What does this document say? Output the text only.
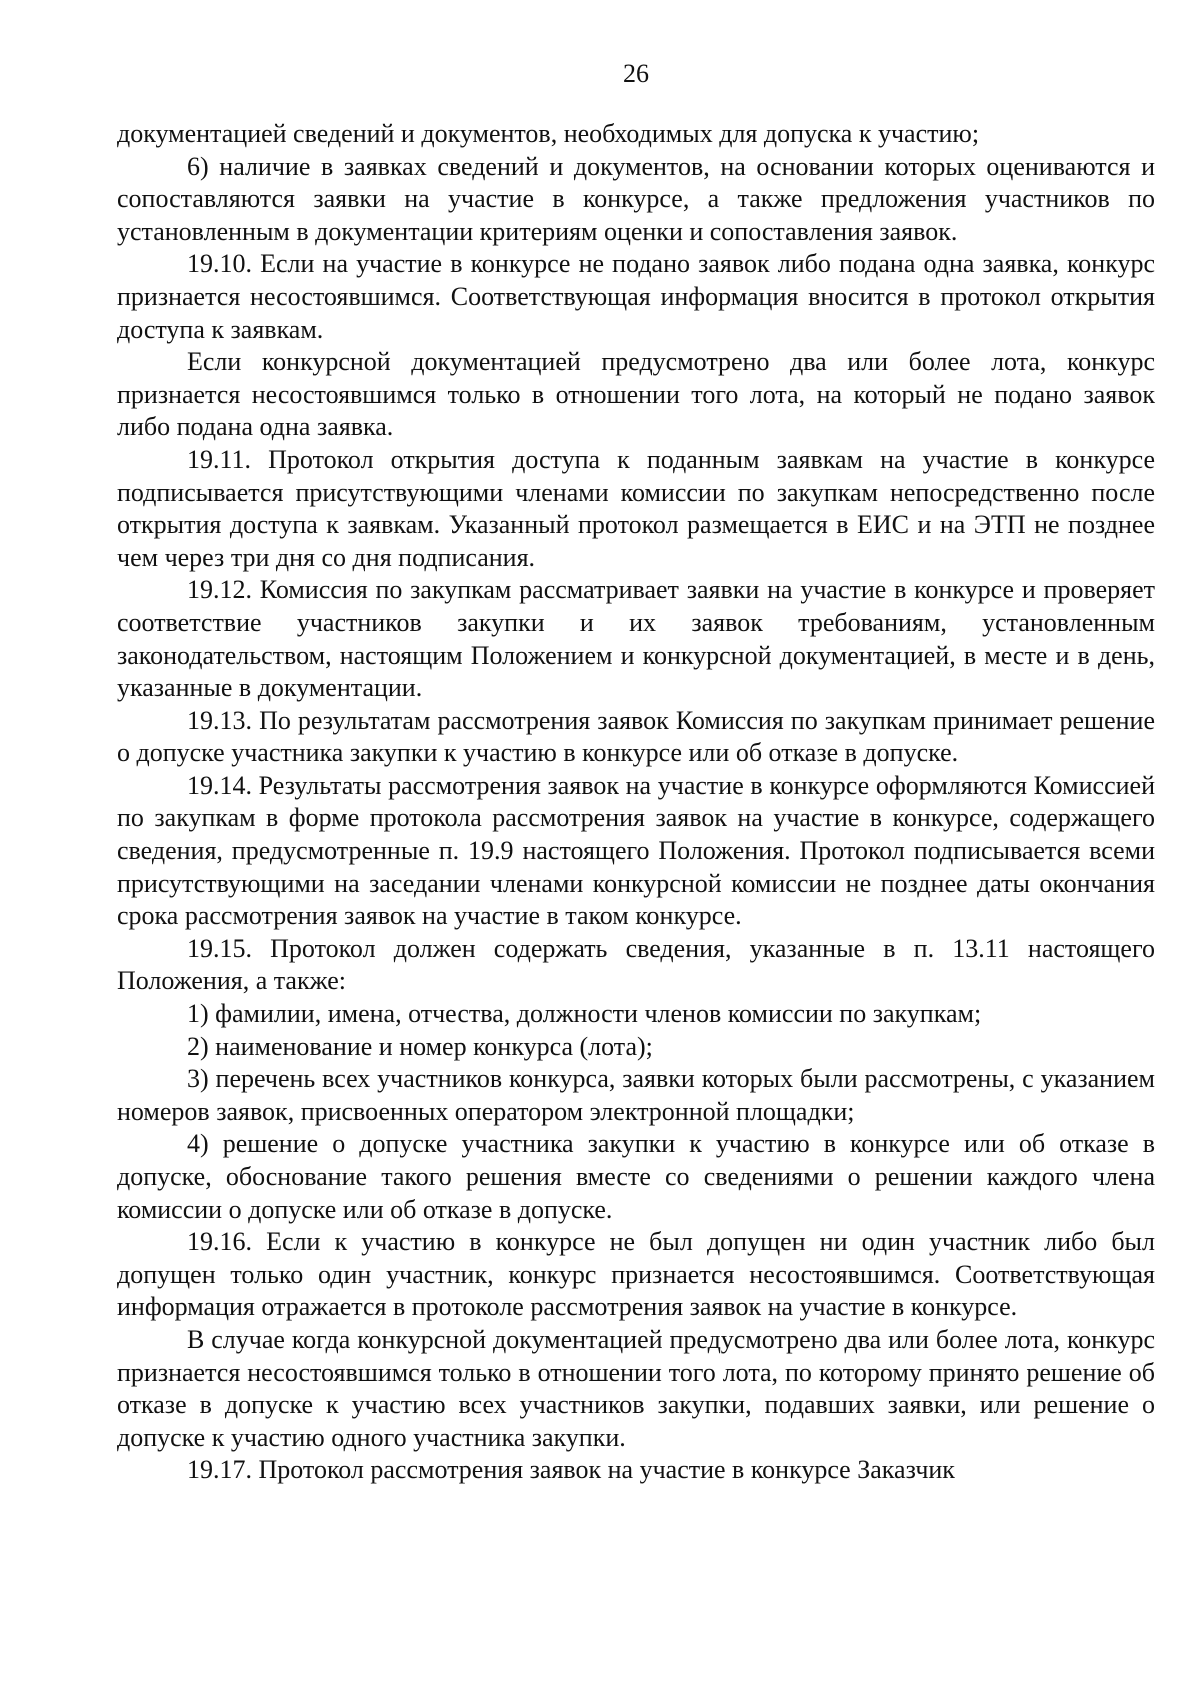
26

документацией сведений и документов, необходимых для допуска к участию;

6) наличие в заявках сведений и документов, на основании которых оцениваются и сопоставляются заявки на участие в конкурсе, а также предложения участников по установленным в документации критериям оценки и сопоставления заявок.

19.10. Если на участие в конкурсе не подано заявок либо подана одна заявка, конкурс признается несостоявшимся. Соответствующая информация вносится в протокол открытия доступа к заявкам.

Если конкурсной документацией предусмотрено два или более лота, конкурс признается несостоявшимся только в отношении того лота, на который не подано заявок либо подана одна заявка.

19.11. Протокол открытия доступа к поданным заявкам на участие в конкурсе подписывается присутствующими членами комиссии по закупкам непосредственно после открытия доступа к заявкам. Указанный протокол размещается в ЕИС и на ЭТП не позднее чем через три дня со дня подписания.

19.12. Комиссия по закупкам рассматривает заявки на участие в конкурсе и проверяет соответствие участников закупки и их заявок требованиям, установленным законодательством, настоящим Положением и конкурсной документацией, в месте и в день, указанные в документации.

19.13. По результатам рассмотрения заявок Комиссия по закупкам принимает решение о допуске участника закупки к участию в конкурсе или об отказе в допуске.

19.14. Результаты рассмотрения заявок на участие в конкурсе оформляются Комиссией по закупкам в форме протокола рассмотрения заявок на участие в конкурсе, содержащего сведения, предусмотренные п. 19.9 настоящего Положения. Протокол подписывается всеми присутствующими на заседании членами конкурсной комиссии не позднее даты окончания срока рассмотрения заявок на участие в таком конкурсе.

19.15. Протокол должен содержать сведения, указанные в п. 13.11 настоящего Положения, а также:

1) фамилии, имена, отчества, должности членов комиссии по закупкам;

2) наименование и номер конкурса (лота);

3) перечень всех участников конкурса, заявки которых были рассмотрены, с указанием номеров заявок, присвоенных оператором электронной площадки;

4) решение о допуске участника закупки к участию в конкурсе или об отказе в допуске, обоснование такого решения вместе со сведениями о решении каждого члена комиссии о допуске или об отказе в допуске.

19.16. Если к участию в конкурсе не был допущен ни один участник либо был допущен только один участник, конкурс признается несостоявшимся. Соответствующая информация отражается в протоколе рассмотрения заявок на участие в конкурсе.

В случае когда конкурсной документацией предусмотрено два или более лота, конкурс признается несостоявшимся только в отношении того лота, по которому принято решение об отказе в допуске к участию всех участников закупки, подавших заявки, или решение о допуске к участию одного участника закупки.

19.17. Протокол рассмотрения заявок на участие в конкурсе Заказчик
